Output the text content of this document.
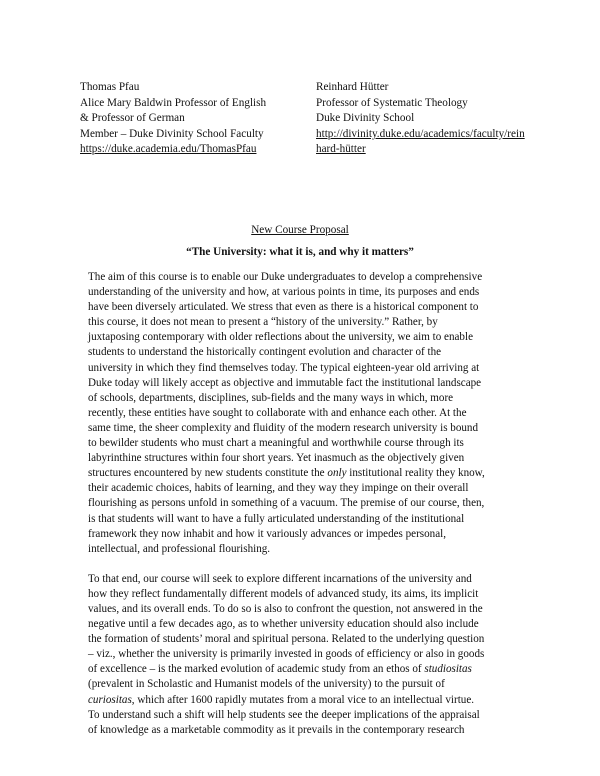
Thomas Pfau
Alice Mary Baldwin Professor of English
& Professor of German
Member – Duke Divinity School Faculty
https://duke.academia.edu/ThomasPfau
Reinhard Hütter
Professor of Systematic Theology
Duke Divinity School
http://divinity.duke.edu/academics/faculty/rein
hard-hütter
New Course Proposal
“The University: what it is, and why it matters”
The aim of this course is to enable our Duke undergraduates to develop a comprehensive
understanding of the university and how, at various points in time, its purposes and ends
have been diversely articulated. We stress that even as there is a historical component to
this course, it does not mean to present a “history of the university.” Rather, by
juxtaposing contemporary with older reflections about the university, we aim to enable
students to understand the historically contingent evolution and character of the
university in which they find themselves today. The typical eighteen-year old arriving at
Duke today will likely accept as objective and immutable fact the institutional landscape
of schools, departments, disciplines, sub-fields and the many ways in which, more
recently, these entities have sought to collaborate with and enhance each other. At the
same time, the sheer complexity and fluidity of the modern research university is bound
to bewilder students who must chart a meaningful and worthwhile course through its
labyrinthine structures within four short years. Yet inasmuch as the objectively given
structures encountered by new students constitute the only institutional reality they know,
their academic choices, habits of learning, and they way they impinge on their overall
flourishing as persons unfold in something of a vacuum. The premise of our course, then,
is that students will want to have a fully articulated understanding of the institutional
framework they now inhabit and how it variously advances or impedes personal,
intellectual, and professional flourishing.
To that end, our course will seek to explore different incarnations of the university and
how they reflect fundamentally different models of advanced study, its aims, its implicit
values, and its overall ends. To do so is also to confront the question, not answered in the
negative until a few decades ago, as to whether university education should also include
the formation of students’ moral and spiritual persona. Related to the underlying question
– viz., whether the university is primarily invested in goods of efficiency or also in goods
of excellence – is the marked evolution of academic study from an ethos of studiositas
(prevalent in Scholastic and Humanist models of the university) to the pursuit of
curiositas, which after 1600 rapidly mutates from a moral vice to an intellectual virtue.
To understand such a shift will help students see the deeper implications of the appraisal
of knowledge as a marketable commodity as it prevails in the contemporary research
